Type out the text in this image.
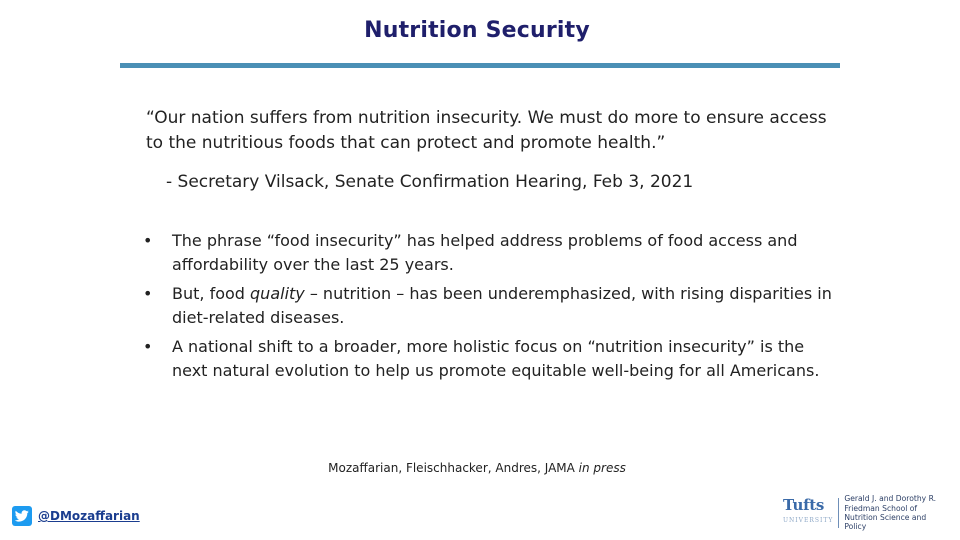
Nutrition Security
“Our nation suffers from nutrition insecurity. We must do more to ensure access to the nutritious foods that can protect and promote health.”
- Secretary Vilsack, Senate Confirmation Hearing, Feb 3, 2021
• The phrase “food insecurity” has helped address problems of food access and affordability over the last 25 years.
• But, food quality – nutrition – has been underemphasized, with rising disparities in diet-related diseases.
• A national shift to a broader, more holistic focus on “nutrition insecurity” is the next natural evolution to help us promote equitable well-being for all Americans.
Mozaffarian, Fleischhacker, Andres, JAMA in press
@DMozaffarian
Tufts
UNIVERSITY
Gerald J. and Dorothy R.
Friedman School of
Nutrition Science and Policy
